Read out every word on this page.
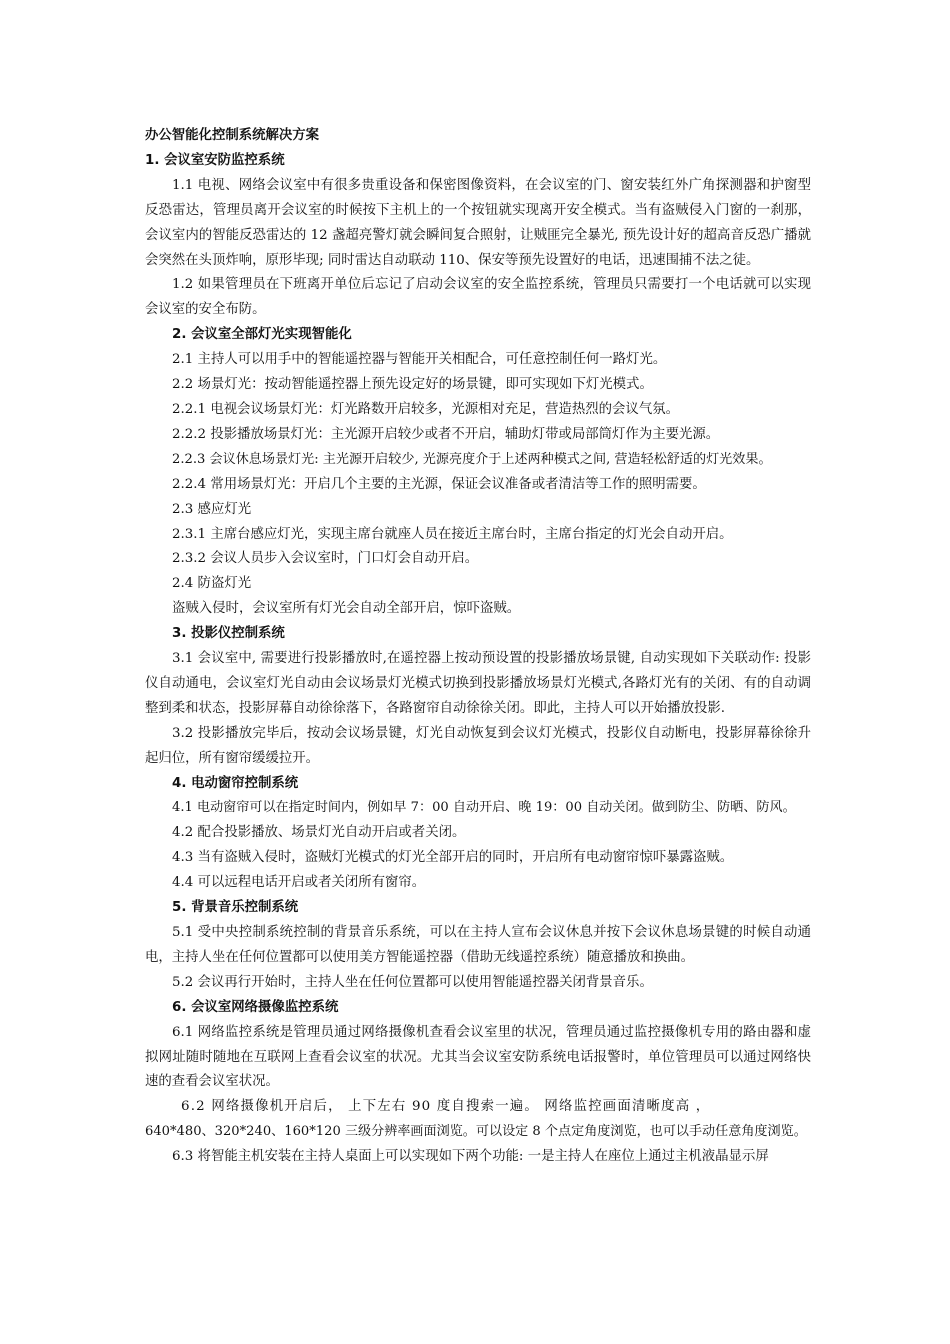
办公智能化控制系统解决方案

1. 会议室安防监控系统

1.1 电视、网络会议室中有很多贵重设备和保密图像资料，在会议室的门、窗安装红外广角探测器和护窗型反恐雷达，管理员离开会议室的时候按下主机上的一个按钮就实现离开安全模式。当有盗贼侵入门窗的一刹那，会议室内的智能反恐雷达的 12 盏超亮警灯就会瞬间复合照射，让贼匪完全暴光, 预先设计好的超高音反恐广播就会突然在头顶炸响，原形毕现; 同时雷达自动联动 110、保安等预先设置好的电话，迅速围捕不法之徒。

1.2 如果管理员在下班离开单位后忘记了启动会议室的安全监控系统，管理员只需要打一个电话就可以实现会议室的安全布防。

2. 会议室全部灯光实现智能化

2.1 主持人可以用手中的智能遥控器与智能开关相配合，可任意控制任何一路灯光。

2.2 场景灯光：按动智能遥控器上预先设定好的场景键，即可实现如下灯光模式。

2.2.1 电视会议场景灯光：灯光路数开启较多，光源相对充足，营造热烈的会议气氛。

2.2.2 投影播放场景灯光：主光源开启较少或者不开启，辅助灯带或局部筒灯作为主要光源。

2.2.3 会议休息场景灯光: 主光源开启较少, 光源亮度介于上述两种模式之间, 营造轻松舒适的灯光效果。

2.2.4 常用场景灯光：开启几个主要的主光源，保证会议准备或者清洁等工作的照明需要。

2.3 感应灯光

2.3.1 主席台感应灯光，实现主席台就座人员在接近主席台时，主席台指定的灯光会自动开启。

2.3.2 会议人员步入会议室时，门口灯会自动开启。

2.4 防盗灯光

盗贼入侵时，会议室所有灯光会自动全部开启，惊吓盗贼。

3. 投影仪控制系统

3.1 会议室中, 需要进行投影播放时,在遥控器上按动预设置的投影播放场景键, 自动实现如下关联动作: 投影仪自动通电，会议室灯光自动由会议场景灯光模式切换到投影播放场景灯光模式,各路灯光有的关闭、有的自动调整到柔和状态，投影屏幕自动徐徐落下，各路窗帘自动徐徐关闭。即此，主持人可以开始播放投影.

3.2 投影播放完毕后，按动会议场景键，灯光自动恢复到会议灯光模式，投影仪自动断电，投影屏幕徐徐升起归位，所有窗帘缓缓拉开。

4. 电动窗帘控制系统

4.1 电动窗帘可以在指定时间内，例如早 7：00 自动开启、晚 19：00 自动关闭。做到防尘、防晒、防风。

4.2 配合投影播放、场景灯光自动开启或者关闭。

4.3 当有盗贼入侵时，盗贼灯光模式的灯光全部开启的同时，开启所有电动窗帘惊吓暴露盗贼。

4.4 可以远程电话开启或者关闭所有窗帘。

5. 背景音乐控制系统

5.1 受中央控制系统控制的背景音乐系统，可以在主持人宣布会议休息并按下会议休息场景键的时候自动通电，主持人坐在任何位置都可以使用美方智能遥控器（借助无线遥控系统）随意播放和换曲。

5.2 会议再行开始时，主持人坐在任何位置都可以使用智能遥控器关闭背景音乐。

6. 会议室网络摄像监控系统

6.1 网络监控系统是管理员通过网络摄像机查看会议室里的状况，管理员通过监控摄像机专用的路由器和虚拟网址随时随地在互联网上查看会议室的状况。尤其当会议室安防系统电话报警时，单位管理员可以通过网络快速的查看会议室状况。

6.2 网络摄像机开启后， 上下左右 90 度自搜索一遍。 网络监控画面清晰度高 ，

640*480、320*240、160*120 三级分辨率画面浏览。可以设定 8 个点定角度浏览，也可以手动任意角度浏览。

6.3 将智能主机安装在主持人桌面上可以实现如下两个功能: 一是主持人在座位上通过主机液晶显示屏
